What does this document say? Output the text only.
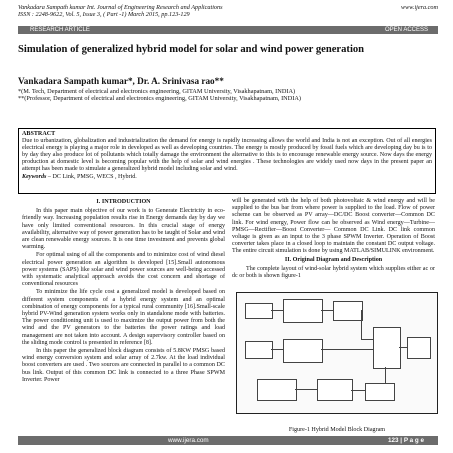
Vankadara Sampath kumar Int. Journal of Engineering Research and Applications
ISSN : 2248-9622, Vol. 5, Issue 3, ( Part -1) March 2015, pp.123-129
www.ijera.com
RESEARCH ARTICLE	OPEN ACCESS
Simulation of generalized hybrid model for solar and wind power generation
Vankadara Sampath kumar*, Dr. A. Srinivasa rao**
*(M. Tech, Department of electrical and electronics engineering, GITAM University, Visakhapatnam, INDIA)
**(Professor, Department of electrical and electronics engineering, GITAM University, Visakhapatnam, INDIA)
ABSTRACT
Due to urbanization, globalization and industrialization the demand for energy is rapidly increasing allows the world and India is not an exception. Out of all energies electrical energy is playing a major role in developed as well as developing countries. The energy is mostly produced by fossil fuels which are developing day bu is to by day they also produce lot of pollutants which totally damage the environment the alternative to this is to encourage renewable energy source. Now days the energy production at domestic level is becoming popular with the help of solar and wind energies . These technologies are widely used now days in the present paper an attempt has been made to simulate a generalized hybrid model including solar and wind.
Keywords – DC Link, PMSG, WECS , Hybrid.
I. INTRODUCTION

In this paper main objective of our work is to Generate Electricity in eco-friendly way. Increasing population results rise in Energy demands day by day we have only limited conventional resources. In this crucial stage of energy availability, alternative way of power generation has to be taught of Solar and wind are clean renewable energy sources. It is one time investment and prevents global warming.

For optimal using of all the components and to minimize cost of wind diesel electrical power generation an algorithm is developed [15].Small autonomous power systems (SAPS) like solar and wind power sources are well-being accessed with systematic analytical approach avoids the cost concern and shortage of conventional resources

To minimize the life cycle cost a generalized model is developed based on different system components of a hybrid energy system and an optimal combination of energy components for a typical rural community [16].Small-scale hybrid PV-Wind generation system works only in standalone mode with batteries. The power conditioning unit is used to maximize the output power from both the wind and the PV generators to the batteries the power ratings and load management are not taken into account. A design supervisory controller based on the sliding mode control is presented in reference [8].

In this paper the generalized block diagram consists of 5.8KW PMSG based wind energy conversion system and solar array of 2.7kw. At the load individual boost converters are used . Two sources are connected in parallel to a common DC bus link. Output of this common DC link is connected to a three Phase SPWM Inverter. Power

will be generated with the help of both photovoltaic & wind energy and will be supplied to the bus bar from where power is supplied to the load. Flow of power scheme can be observed as PV array—DC/DC Boost converter—Common DC link. For wind energy, Power flow can be observed as Wind energy—Turbine—PMSG—Rectifier—Boost Converter— Common DC Link. DC link common voltage is given as an input to the 3 phase SPWM Inverter. Operation of Boost converter takes place in a closed loop to maintain the constant DC output voltage. The entire circuit simulation is done by using MATLAB/SIMULINK environment.

II. Original Diagram and Description

The complete layout of wind-solar hybrid system which supplies either ac or dc or both is shown figure-1

Figure-1 Hybrid Model Block Diagram
www.ijera.com	123 | P a g e
